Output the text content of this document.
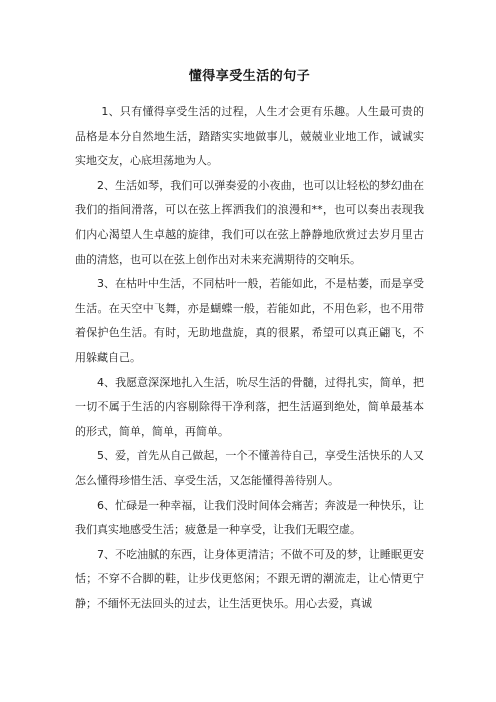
懂得享受生活的句子

1、只有懂得享受生活的过程，人生才会更有乐趣。人生最可贵的品格是本分自然地生活，踏踏实实地做事儿，兢兢业业地工作，诚诚实实地交友，心底坦荡地为人。

2、生活如琴，我们可以弹奏爱的小夜曲，也可以让轻松的梦幻曲在我们的指间滑落，可以在弦上挥洒我们的浪漫和**，也可以奏出表现我们内心渴望人生卓越的旋律，我们可以在弦上静静地欣赏过去岁月里古曲的清悠，也可以在弦上创作出对未来充满期待的交响乐。

3、在枯叶中生活，不同枯叶一般，若能如此，不是枯萎，而是享受生活。在天空中飞舞，亦是蝴蝶一般，若能如此，不用色彩，也不用带着保护色生活。有时，无助地盘旋，真的很累，希望可以真正翩飞，不用躲藏自己。

4、我愿意深深地扎入生活，吮尽生活的骨髓，过得扎实，简单，把一切不属于生活的内容剔除得干净利落，把生活逼到绝处，简单最基本的形式，简单，简单，再简单。

5、爱，首先从自己做起，一个不懂善待自己，享受生活快乐的人又怎么懂得珍惜生活、享受生活，又怎能懂得善待别人。

6、忙碌是一种幸福，让我们没时间体会痛苦；奔波是一种快乐，让我们真实地感受生活；疲惫是一种享受，让我们无暇空虚。

7、不吃油腻的东西，让身体更清洁；不做不可及的梦，让睡眠更安恬；不穿不合脚的鞋，让步伐更悠闲；不跟无谓的潮流走，让心情更宁静；不缅怀无法回头的过去，让生活更快乐。用心去爱，真诚
